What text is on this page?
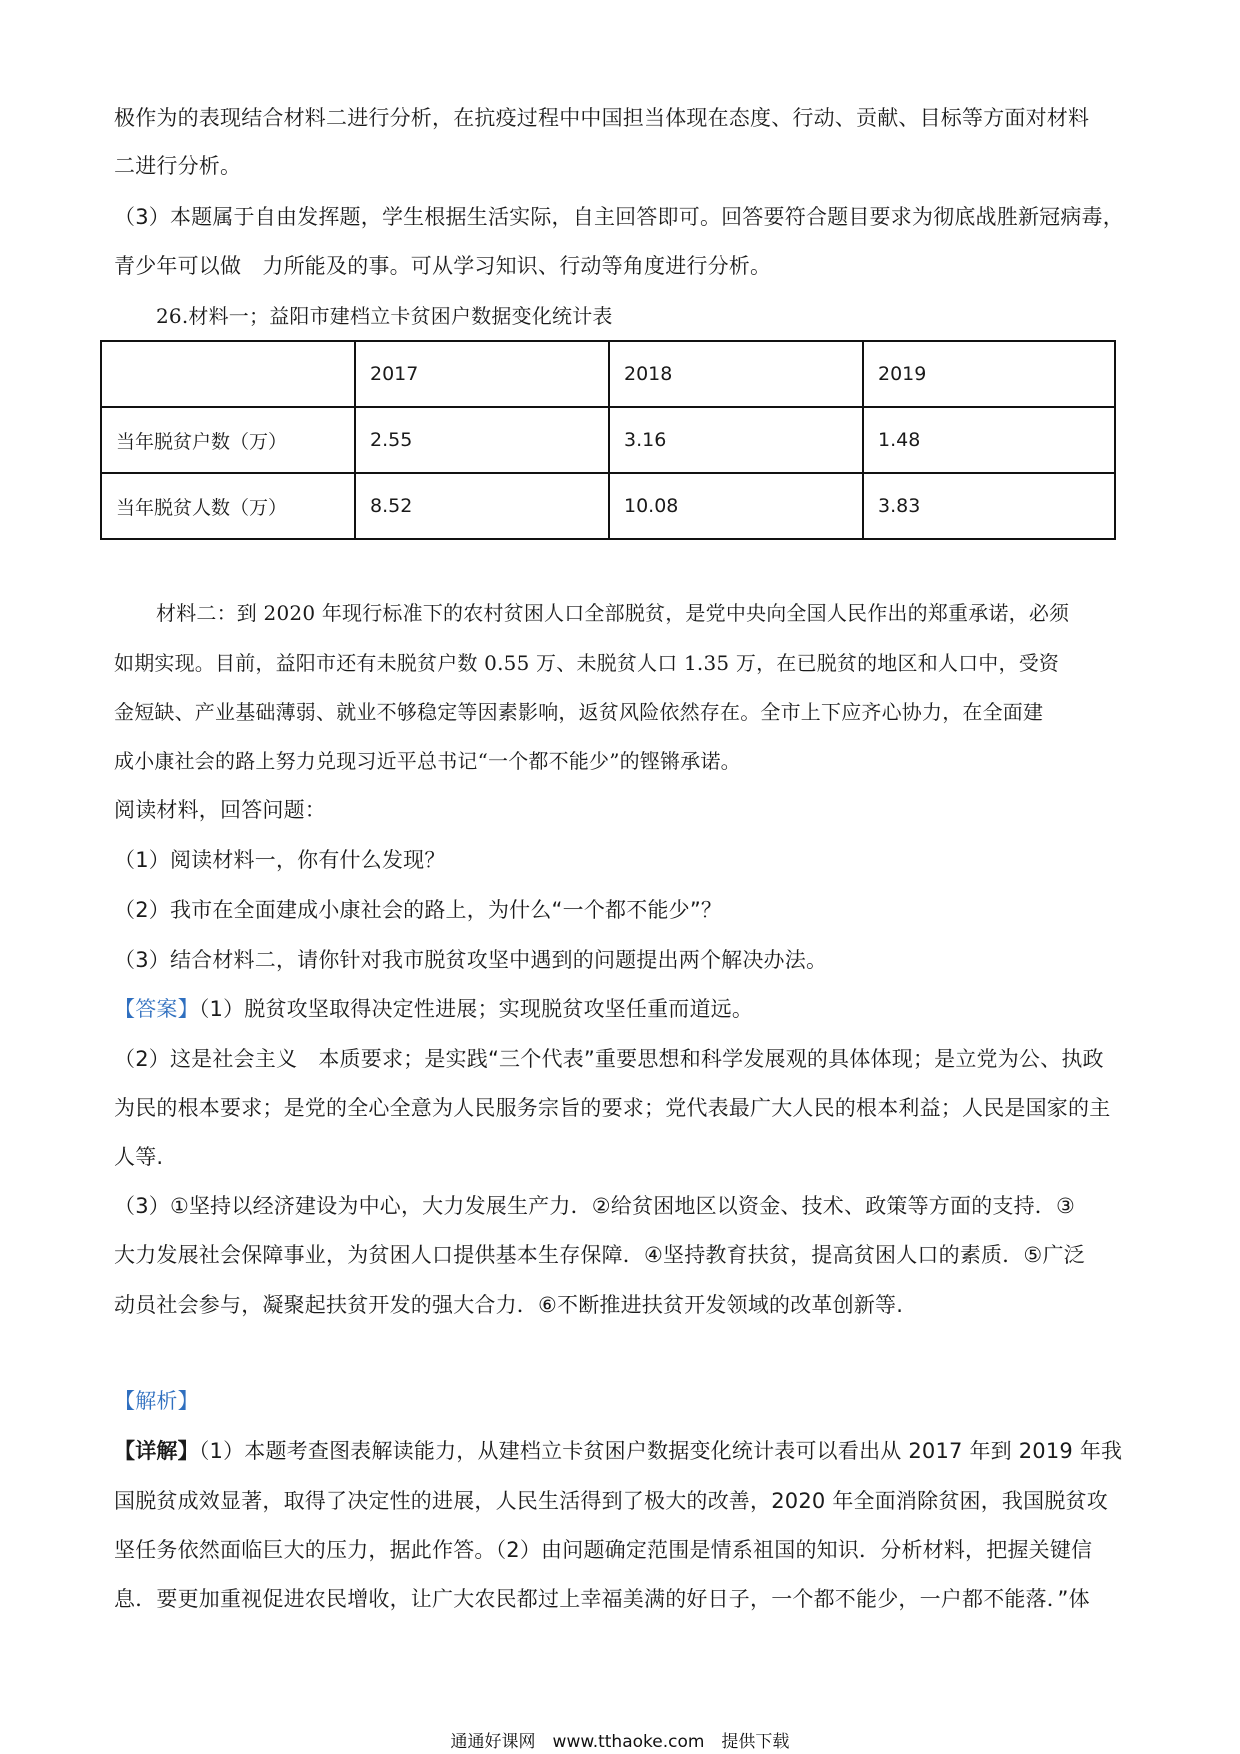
极作为的表现结合材料二进行分析，在抗疫过程中中国担当体现在态度、行动、贡献、目标等方面对材料
二进行分析。
（3）本题属于自由发挥题，学生根据生活实际，自主回答即可。回答要符合题目要求为彻底战胜新冠病毒，
青少年可以做　力所能及的事。可从学习知识、行动等角度进行分析。
26.材料一；益阳市建档立卡贫困户数据变化统计表
	2017	2018	2019
当年脱贫户数（万）	2.55	3.16	1.48
当年脱贫人数（万）	8.52	10.08	3.83
材料二：到 2020 年现行标准下的农村贫困人口全部脱贫，是党中央向全国人民作出的郑重承诺，必须
如期实现。目前，益阳市还有未脱贫户数 0.55 万、未脱贫人口 1.35 万，在已脱贫的地区和人口中，受资
金短缺、产业基础薄弱、就业不够稳定等因素影响，返贫风险依然存在。全市上下应齐心协力，在全面建
成小康社会的路上努力兑现习近平总书记“一个都不能少”的铿锵承诺。
阅读材料，回答问题：
（1）阅读材料一，你有什么发现？
（2）我市在全面建成小康社会的路上，为什么“一个都不能少”？
（3）结合材料二，请你针对我市脱贫攻坚中遇到的问题提出两个解决办法。
【答案】（1）脱贫攻坚取得决定性进展；实现脱贫攻坚任重而道远。
（2）这是社会主义　本质要求；是实践“三个代表”重要思想和科学发展观的具体体现；是立党为公、执政
为民的根本要求；是党的全心全意为人民服务宗旨的要求；党代表最广大人民的根本利益；人民是国家的主
人等.
（3）①坚持以经济建设为中心，大力发展生产力．②给贫困地区以资金、技术、政策等方面的支持．③
大力发展社会保障事业，为贫困人口提供基本生存保障．④坚持教育扶贫，提高贫困人口的素质．⑤广泛
动员社会参与，凝聚起扶贫开发的强大合力．⑥不断推进扶贫开发领域的改革创新等.
【解析】
【详解】（1）本题考查图表解读能力，从建档立卡贫困户数据变化统计表可以看出从 2017 年到 2019 年我
国脱贫成效显著，取得了决定性的进展，人民生活得到了极大的改善，2020 年全面消除贫困，我国脱贫攻
坚任务依然面临巨大的压力，据此作答。（2）由问题确定范围是情系祖国的知识．分析材料，把握关键信
息．要更加重视促进农民增收，让广大农民都过上幸福美满的好日子，一个都不能少，一户都不能落．”体
通通好课网　www.tthaoke.com　提供下载
